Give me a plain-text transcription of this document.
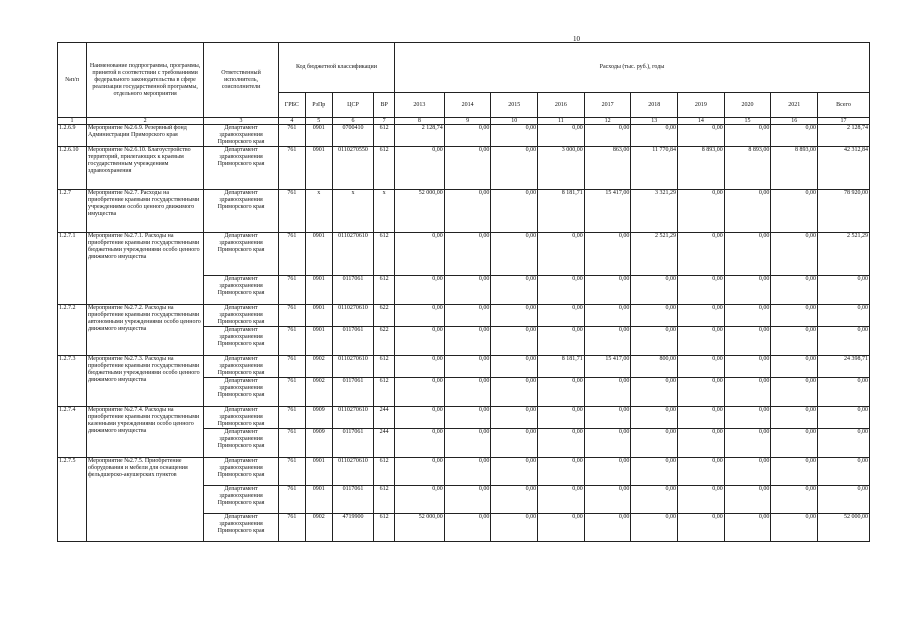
10
№п/п	Наименование подпрограммы, программы, принятой в соответствии с требованиями федерального законодательства в сфере реализации государственной программы, отдельного мероприятия	Ответственный исполнитель, соисполнители	Код бюджетной классификации				Расходы (тыс. руб.), годы									
			ГРБС	РзПр	ЦСР	ВР	2013	2014	2015	2016	2017	2018	2019	2020	2021	Всего
1	2	3	4	5	6	7	8	9	10	11	12	13	14	15	16	17
1.2.6.9	Мероприятие №2.6.9. Резервный фонд Администрации Приморского края	Департамент здравоохранения Приморского края	761	0901	0700410	612	2 128,74	0,00	0,00	0,00	0,00	0,00	0,00	0,00	0,00	2 128,74
1.2.6.10	Мероприятие №2.6.10. Благоустройство территорий, прилегающих к краевым государственным учреждениям здравоохранения	Департамент здравоохранения Приморского края	761	0901	0110270550	612	0,00	0,00	0,00	3 000,00	863,00	11 770,84	8 893,00	8 893,00	8 893,00	42 312,84
1.2.7	Мероприятие №2.7. Расходы на приобретение краевыми государственными учреждениями особо ценного движимого имущества	Департамент здравоохранения Приморского края	761	х	х	х	52 000,00	0,00	0,00	8 181,71	15 417,00	3 321,29	0,00	0,00	0,00	78 920,00
1.2.7.1	Мероприятие №2.7.1. Расходы на приобретение краевыми государственными бюджетными учреждениями особо ценного движимого имущества	Департамент здравоохранения Приморского края	761	0901	0110270610	612	0,00	0,00	0,00	0,00	0,00	2 521,29	0,00	0,00	0,00	2 521,29
		Департамент здравоохранения Приморского края	761	0901	0117061	612	0,00	0,00	0,00	0,00	0,00	0,00	0,00	0,00	0,00	0,00
1.2.7.2	Мероприятие №2.7.2. Расходы на приобретение краевыми государственными автономными учреждениями особо ценного движимого имущества	Департамент здравоохранения Приморского края	761	0901	0110270610	622	0,00	0,00	0,00	0,00	0,00	0,00	0,00	0,00	0,00	0,00
		Департамент здравоохранения Приморского края	761	0901	0117061	622	0,00	0,00	0,00	0,00	0,00	0,00	0,00	0,00	0,00	0,00
1.2.7.3	Мероприятие №2.7.3. Расходы на приобретение краевыми государственными бюджетными учреждениями особо ценного движимого имущества	Департамент здравоохранения Приморского края	761	0902	0110270610	612	0,00	0,00	0,00	8 181,71	15 417,00	800,00	0,00	0,00	0,00	24 398,71
		Департамент здравоохранения Приморского края	761	0902	0117061	612	0,00	0,00	0,00	0,00	0,00	0,00	0,00	0,00	0,00	0,00
1.2.7.4	Мероприятие №2.7.4. Расходы на приобретение краевыми государственными казенными учреждениями особо ценного движимого имущества	Департамент здравоохранения Приморского края	761	0909	0110270610	244	0,00	0,00	0,00	0,00	0,00	0,00	0,00	0,00	0,00	0,00
		Департамент здравоохранения Приморского края	761	0909	0117061	244	0,00	0,00	0,00	0,00	0,00	0,00	0,00	0,00	0,00	0,00
1.2.7.5	Мероприятие №2.7.5. Приобретение оборудования и мебели для оснащения фельдшерско-акушерских пунктов	Департамент здравоохранения Приморского края	761	0901	0110270610	612	0,00	0,00	0,00	0,00	0,00	0,00	0,00	0,00	0,00	0,00
		Департамент здравоохранения Приморского края	761	0901	0117061	612	0,00	0,00	0,00	0,00	0,00	0,00	0,00	0,00	0,00	0,00
		Департамент здравоохранения Приморского края	761	0902	4719900	612	52 000,00	0,00	0,00	0,00	0,00	0,00	0,00	0,00	0,00	52 000,00
